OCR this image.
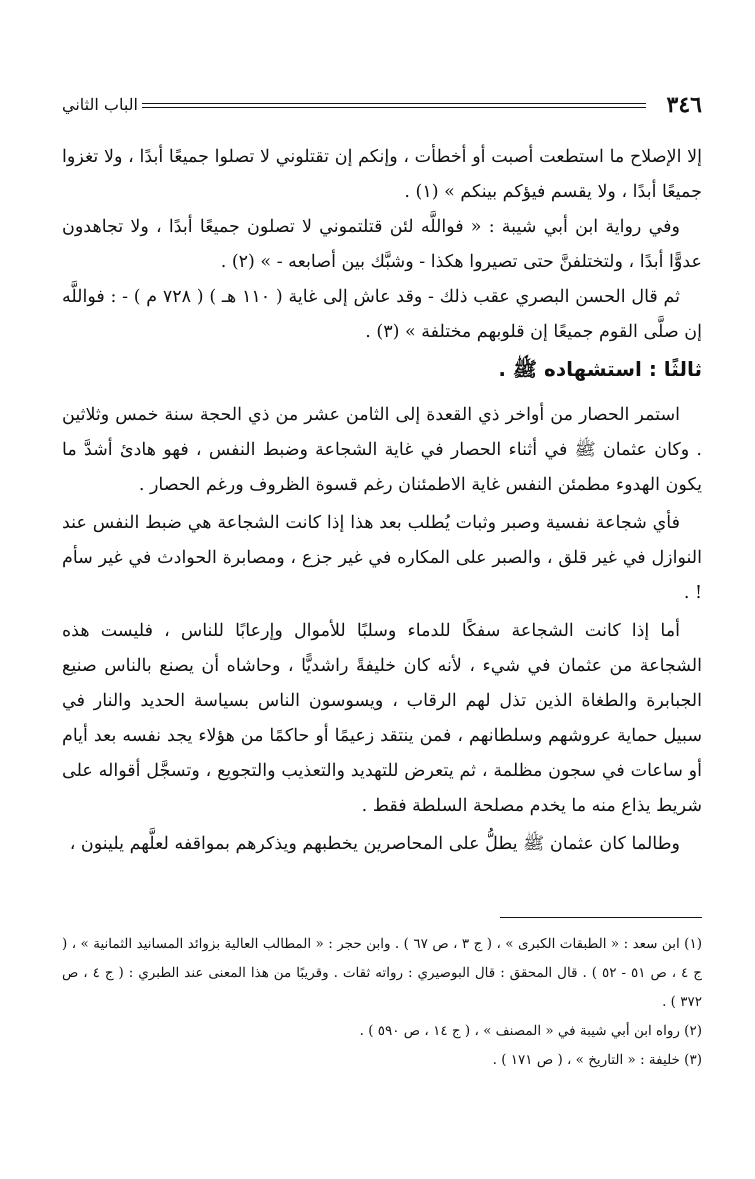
٣٤٦
الباب الثاني

إلا الإصلاح ما استطعت أصبت أو أخطأت ، وإنكم إن تقتلوني لا تصلوا جميعًا أبدًا ، ولا تغزوا جميعًا أبدًا ، ولا يقسم فيؤكم بينكم » (١) .

وفي رواية ابن أبي شيبة : « فواللَّه لئن قتلتموني لا تصلون جميعًا أبدًا ، ولا تجاهدون عدوًّا أبدًا ، ولتختلفنَّ حتى تصيروا هكذا - وشبَّك بين أصابعه - » (٢) .

ثم قال الحسن البصري عقب ذلك - وقد عاش إلى غاية ( ١١٠ هـ ) ( ٧٢٨ م ) - : فواللَّه إن صلَّى القوم جميعًا إن قلوبهم مختلفة » (٣) .

ثالثًا : استشهاده ﷺ .

استمر الحصار من أواخر ذي القعدة إلى الثامن عشر من ذي الحجة سنة خمس وثلاثين . وكان عثمان ﷺ في أثناء الحصار في غاية الشجاعة وضبط النفس ، فهو هادئ أشدَّ ما يكون الهدوء مطمئن النفس غاية الاطمئنان رغم قسوة الظروف ورغم الحصار .

فأي شجاعة نفسية وصبر وثبات يُطلب بعد هذا إذا كانت الشجاعة هي ضبط النفس عند النوازل في غير قلق ، والصبر على المكاره في غير جزع ، ومصابرة الحوادث في غير سأم ! .

أما إذا كانت الشجاعة سفكًا للدماء وسلبًا للأموال وإرعابًا للناس ، فليست هذه الشجاعة من عثمان في شيء ، لأنه كان خليفةً راشديًّا ، وحاشاه أن يصنع بالناس صنيع الجبابرة والطغاة الذين تذل لهم الرقاب ، ويسوسون الناس بسياسة الحديد والنار في سبيل حماية عروشهم وسلطانهم ، فمن ينتقد زعيمًا أو حاكمًا من هؤلاء يجد نفسه بعد أيام أو ساعات في سجون مظلمة ، ثم يتعرض للتهديد والتعذيب والتجويع ، وتسجَّل أقواله على شريط يذاع منه ما يخدم مصلحة السلطة فقط .

وطالما كان عثمان ﷺ يطلُّ على المحاصرين يخطبهم ويذكرهم بمواقفه لعلَّهم يلينون ،

(١) ابن سعد : « الطبقات الكبرى » ، ( ج ٣ ، ص ٦٧ ) . وابن حجر : « المطالب العالية بزوائد المسانيد الثمانية » ، ( ج ٤ ، ص ٥١ - ٥٢ ) . قال المحقق : قال البوصيري : رواته ثقات . وقريبًا من هذا المعنى عند الطبري : ( ج ٤ ، ص ٣٧٢ ) .
(٢) رواه ابن أبي شيبة في « المصنف » ، ( ج ١٤ ، ص ٥٩٠ ) .
(٣) خليفة : « التاريخ » ، ( ص ١٧١ ) .
